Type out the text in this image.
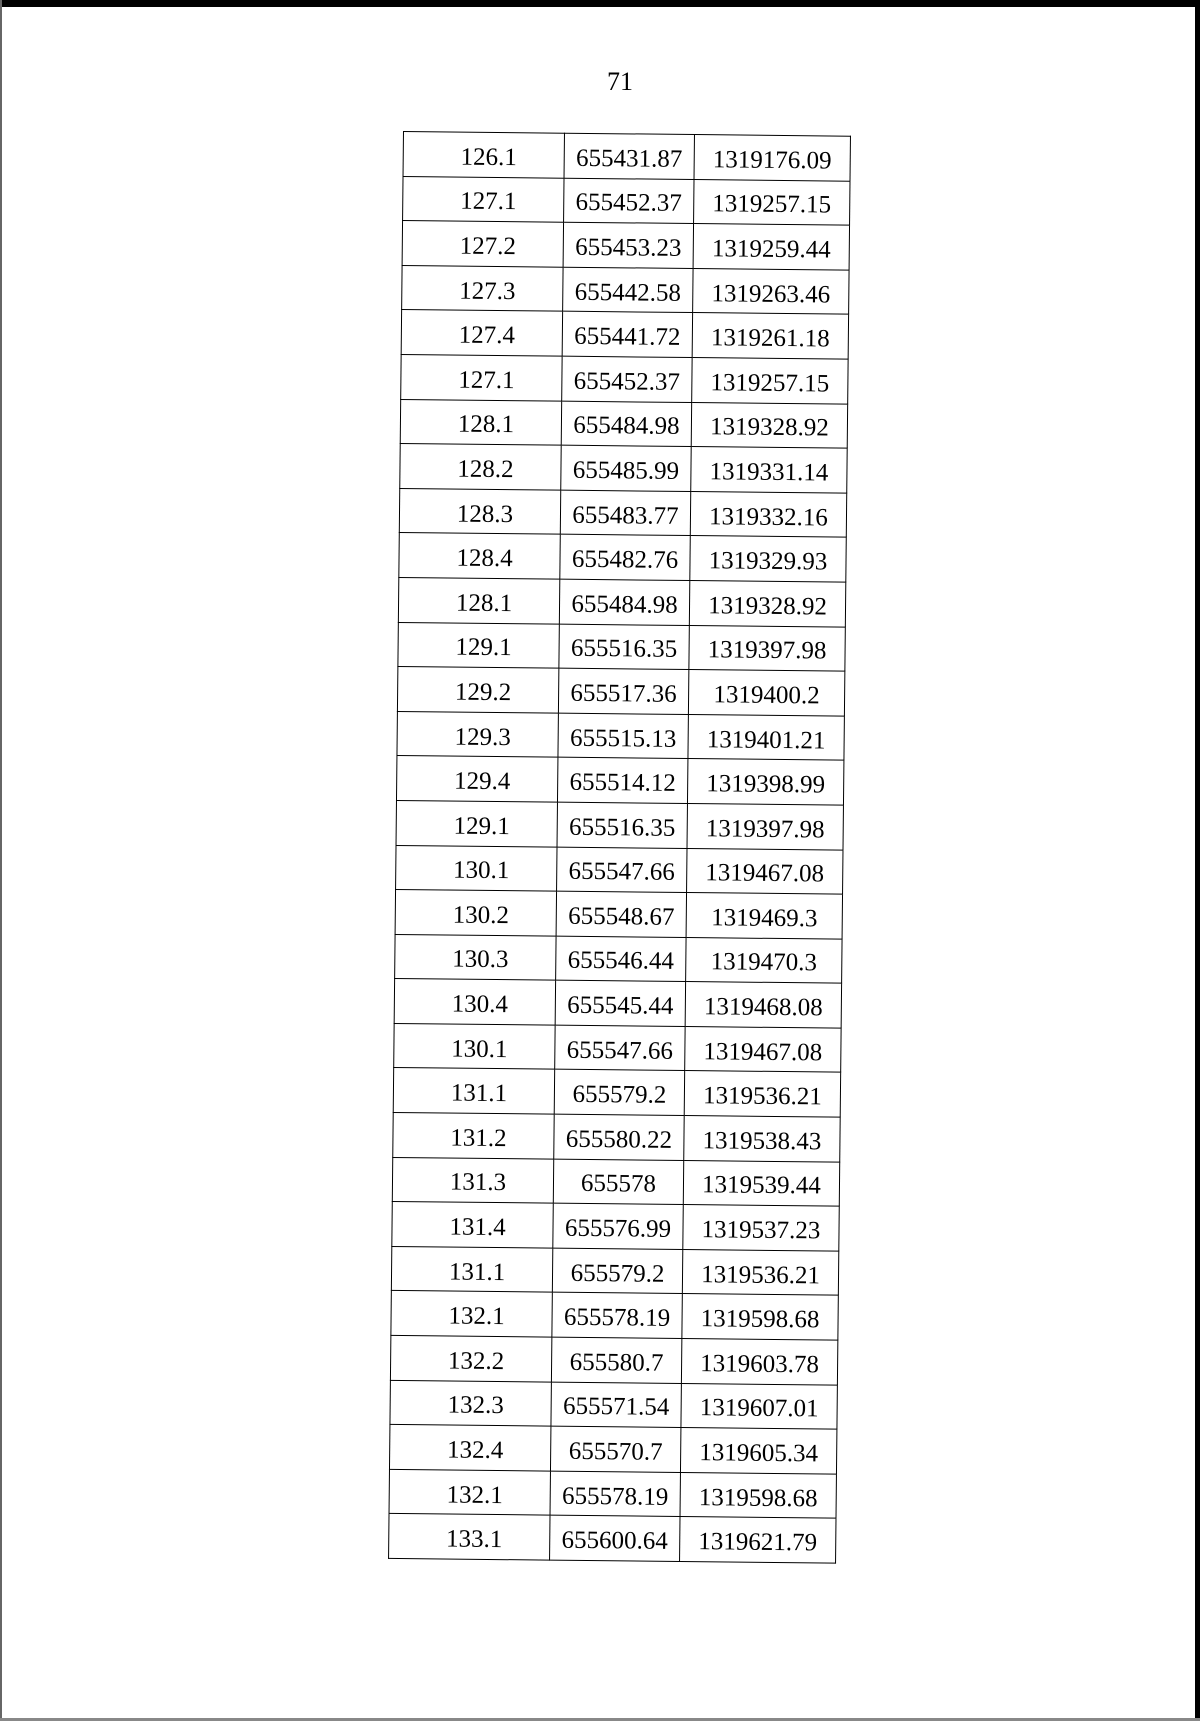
71
126.1	655431.87	1319176.09
127.1	655452.37	1319257.15
127.2	655453.23	1319259.44
127.3	655442.58	1319263.46
127.4	655441.72	1319261.18
127.1	655452.37	1319257.15
128.1	655484.98	1319328.92
128.2	655485.99	1319331.14
128.3	655483.77	1319332.16
128.4	655482.76	1319329.93
128.1	655484.98	1319328.92
129.1	655516.35	1319397.98
129.2	655517.36	1319400.2
129.3	655515.13	1319401.21
129.4	655514.12	1319398.99
129.1	655516.35	1319397.98
130.1	655547.66	1319467.08
130.2	655548.67	1319469.3
130.3	655546.44	1319470.3
130.4	655545.44	1319468.08
130.1	655547.66	1319467.08
131.1	655579.2	1319536.21
131.2	655580.22	1319538.43
131.3	655578	1319539.44
131.4	655576.99	1319537.23
131.1	655579.2	1319536.21
132.1	655578.19	1319598.68
132.2	655580.7	1319603.78
132.3	655571.54	1319607.01
132.4	655570.7	1319605.34
132.1	655578.19	1319598.68
133.1	655600.64	1319621.79
